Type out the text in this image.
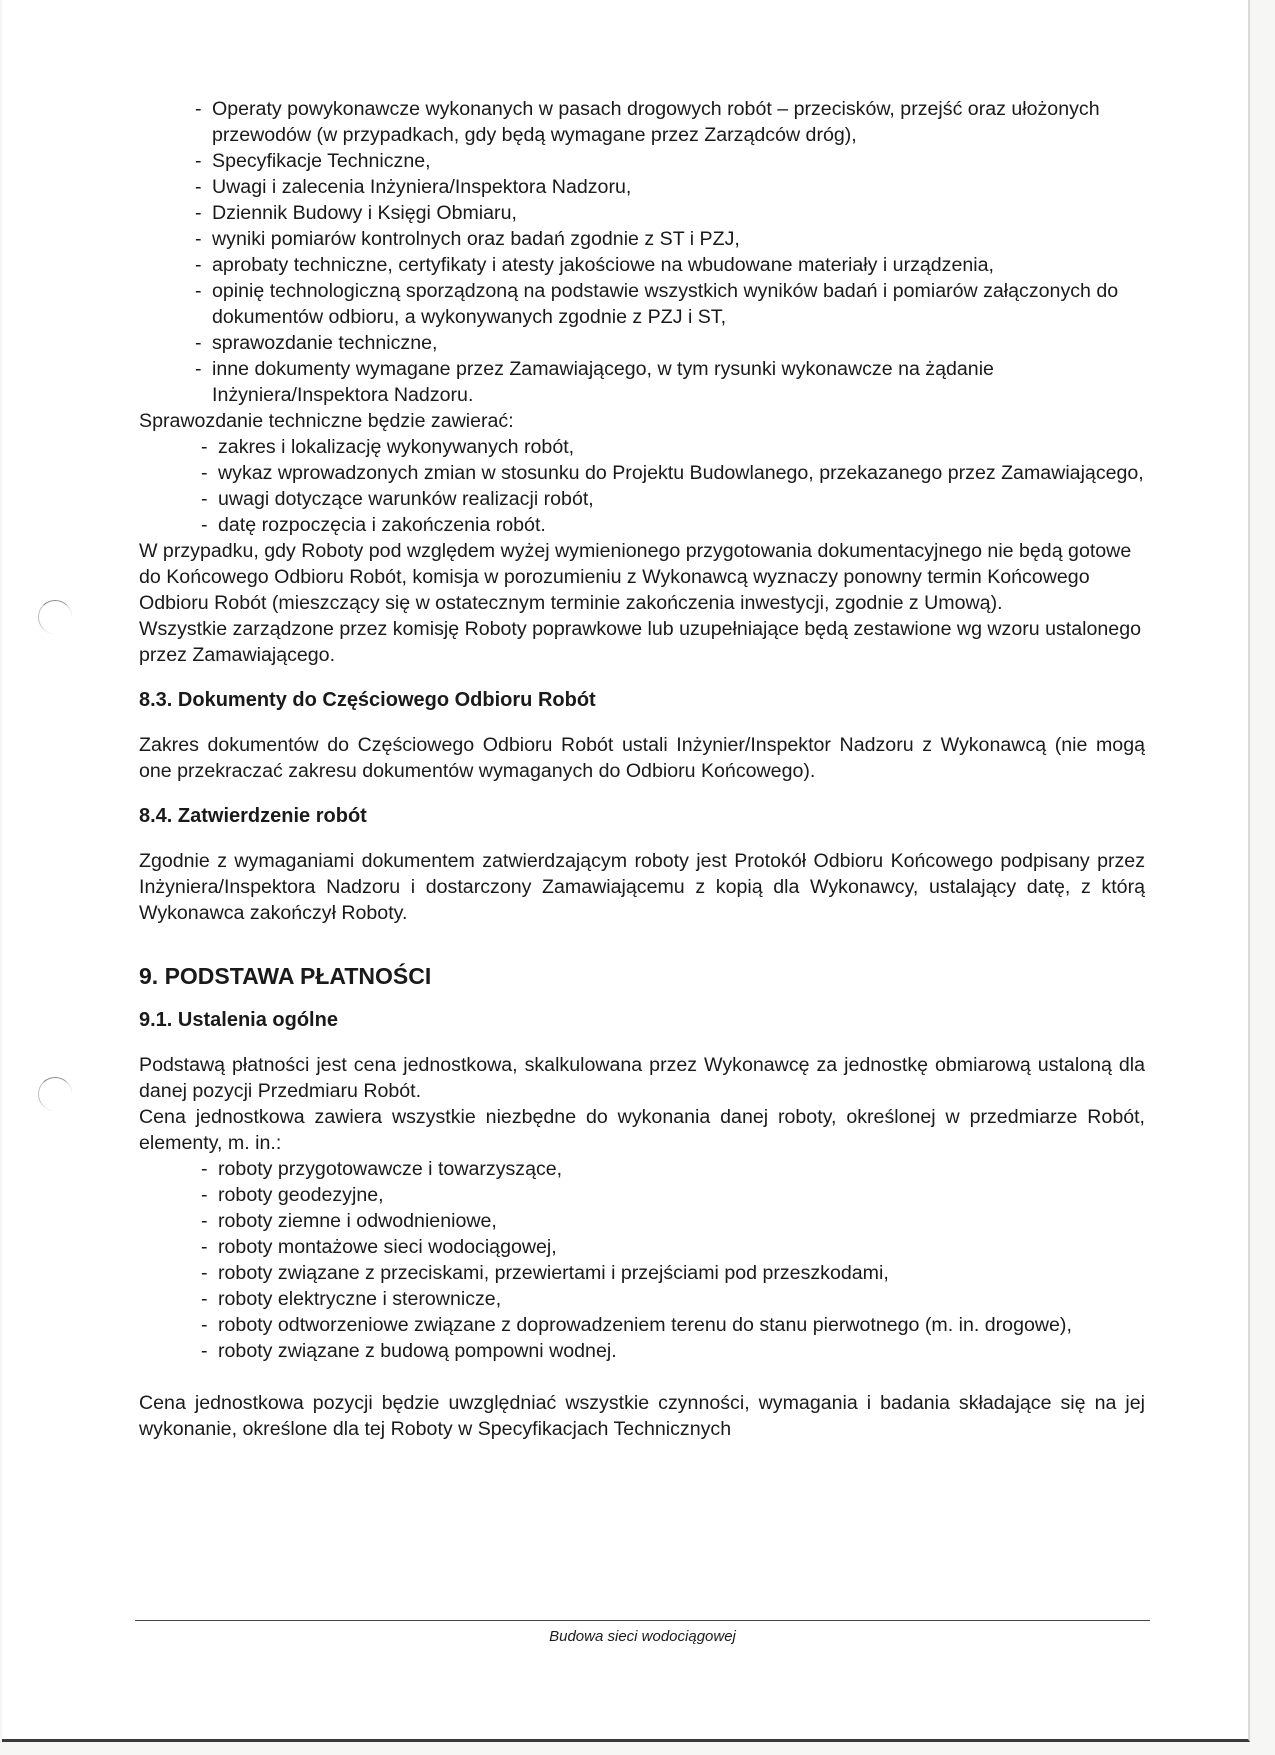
- Operaty powykonawcze wykonanych w pasach drogowych robót – przecisków, przejść oraz ułożonych przewodów (w przypadkach, gdy będą wymagane przez Zarządców dróg),
- Specyfikacje Techniczne,
- Uwagi i zalecenia Inżyniera/Inspektora Nadzoru,
- Dziennik Budowy i Księgi Obmiaru,
- wyniki pomiarów kontrolnych oraz badań zgodnie z ST i PZJ,
- aprobaty techniczne, certyfikaty i atesty jakościowe na wbudowane materiały i urządzenia,
- opinię technologiczną sporządzoną na podstawie wszystkich wyników badań i pomiarów załączonych do dokumentów odbioru, a wykonywanych zgodnie z PZJ i ST,
- sprawozdanie techniczne,
- inne dokumenty wymagane przez Zamawiającego, w tym rysunki wykonawcze na żądanie Inżyniera/Inspektora Nadzoru.

Sprawozdanie techniczne będzie zawierać:

- zakres i lokalizację wykonywanych robót,
- wykaz wprowadzonych zmian w stosunku do Projektu Budowlanego, przekazanego przez Zamawiającego,
- uwagi dotyczące warunków realizacji robót,
- datę rozpoczęcia i zakończenia robót.

W przypadku, gdy Roboty pod względem wyżej wymienionego przygotowania dokumentacyjnego nie będą gotowe do Końcowego Odbioru Robót, komisja w porozumieniu z Wykonawcą wyznaczy ponowny termin Końcowego Odbioru Robót (mieszczący się w ostatecznym terminie zakończenia inwestycji, zgodnie z Umową).

Wszystkie zarządzone przez komisję Roboty poprawkowe lub uzupełniające będą zestawione wg wzoru ustalonego przez Zamawiającego.

8.3. Dokumenty do Częściowego Odbioru Robót

Zakres dokumentów do Częściowego Odbioru Robót ustali Inżynier/Inspektor Nadzoru z Wykonawcą (nie mogą one przekraczać zakresu dokumentów wymaganych do Odbioru Końcowego).

8.4. Zatwierdzenie robót

Zgodnie z wymaganiami dokumentem zatwierdzającym roboty jest Protokół Odbioru Końcowego podpisany przez Inżyniera/Inspektora Nadzoru i dostarczony Zamawiającemu z kopią dla Wykonawcy, ustalający datę, z którą Wykonawca zakończył Roboty.

9. PODSTAWA PŁATNOŚCI
9.1. Ustalenia ogólne

Podstawą płatności jest cena jednostkowa, skalkulowana przez Wykonawcę za jednostkę obmiarową ustaloną dla danej pozycji Przedmiaru Robót.

Cena jednostkowa zawiera wszystkie niezbędne do wykonania danej roboty, określonej w przedmiarze Robót, elementy, m. in.:

- roboty przygotowawcze i towarzyszące,
- roboty geodezyjne,
- roboty ziemne i odwodnieniowe,
- roboty montażowe sieci wodociągowej,
- roboty związane z przeciskami, przewiertami i przejściami pod przeszkodami,
- roboty elektryczne i sterownicze,
- roboty odtworzeniowe związane z doprowadzeniem terenu do stanu pierwotnego (m. in. drogowe),
- roboty związane z budową pompowni wodnej.

Cena jednostkowa pozycji będzie uwzględniać wszystkie czynności, wymagania i badania składające się na jej wykonanie, określone dla tej Roboty w Specyfikacjach Technicznych

Budowa sieci wodociągowej
